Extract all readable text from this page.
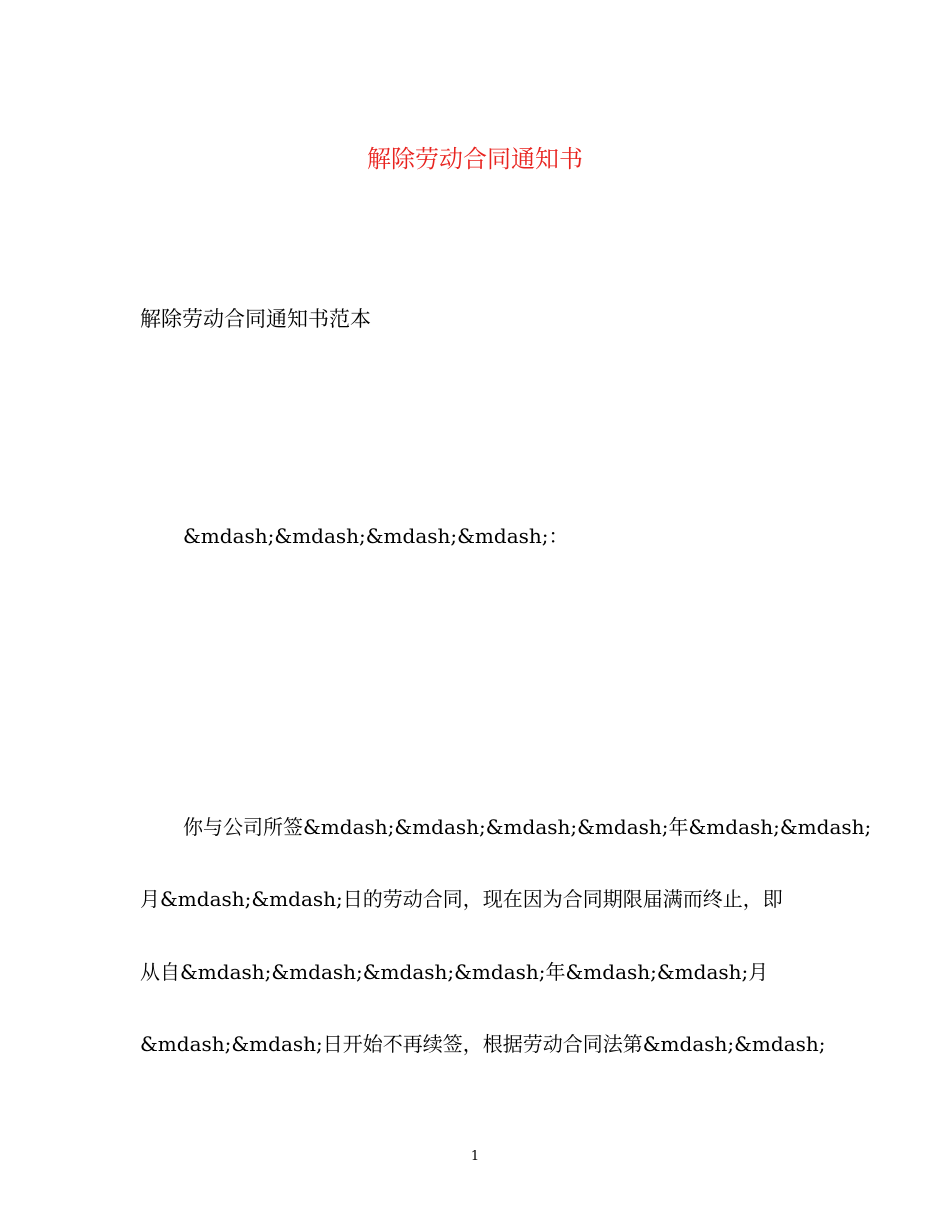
解除劳动合同通知书
解除劳动合同通知书范本
&mdash;&mdash;&mdash;&mdash;：
你与公司所签&mdash;&mdash;&mdash;&mdash;年&mdash;&mdash;
月&mdash;&mdash;日的劳动合同，现在因为合同期限届满而终止，即
从自&mdash;&mdash;&mdash;&mdash;年&mdash;&mdash;月
&mdash;&mdash;日开始不再续签，根据劳动合同法第&mdash;&mdash;
1
